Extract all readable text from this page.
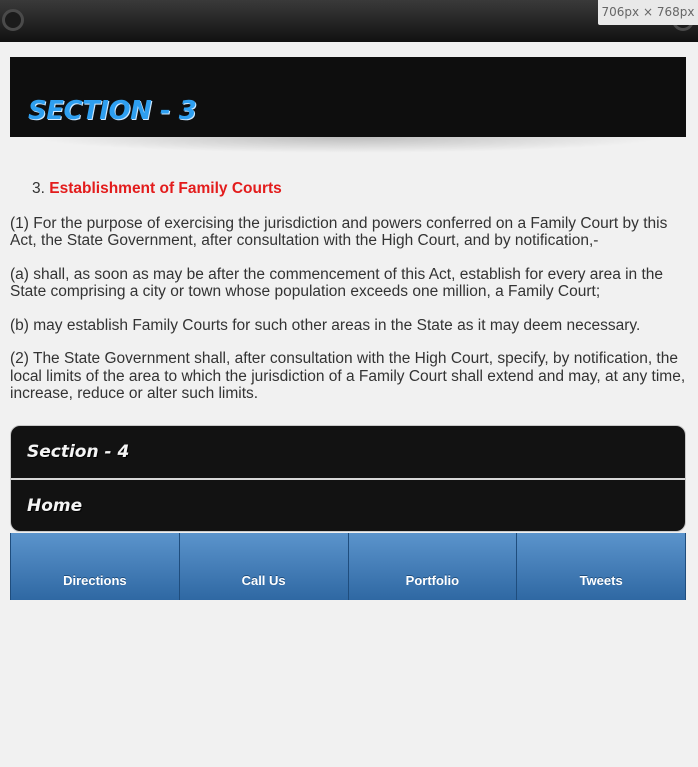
706px × 768px
SECTION - 3
3. Establishment of Family Courts

(1) For the purpose of exercising the jurisdiction and powers conferred on a Family Court by this Act, the State Government, after consultation with the High Court, and by notification,-

(a) shall, as soon as may be after the commencement of this Act, establish for every area in the State comprising a city or town whose population exceeds one million, a Family Court;

(b) may establish Family Courts for such other areas in the State as it may deem necessary.

(2) The State Government shall, after consultation with the High Court, specify, by notification, the local limits of the area to which the jurisdiction of a Family Court shall extend and may, at any time, increase, reduce or alter such limits.

Section - 4
Home
Directions	Call Us	Portfolio	Tweets
